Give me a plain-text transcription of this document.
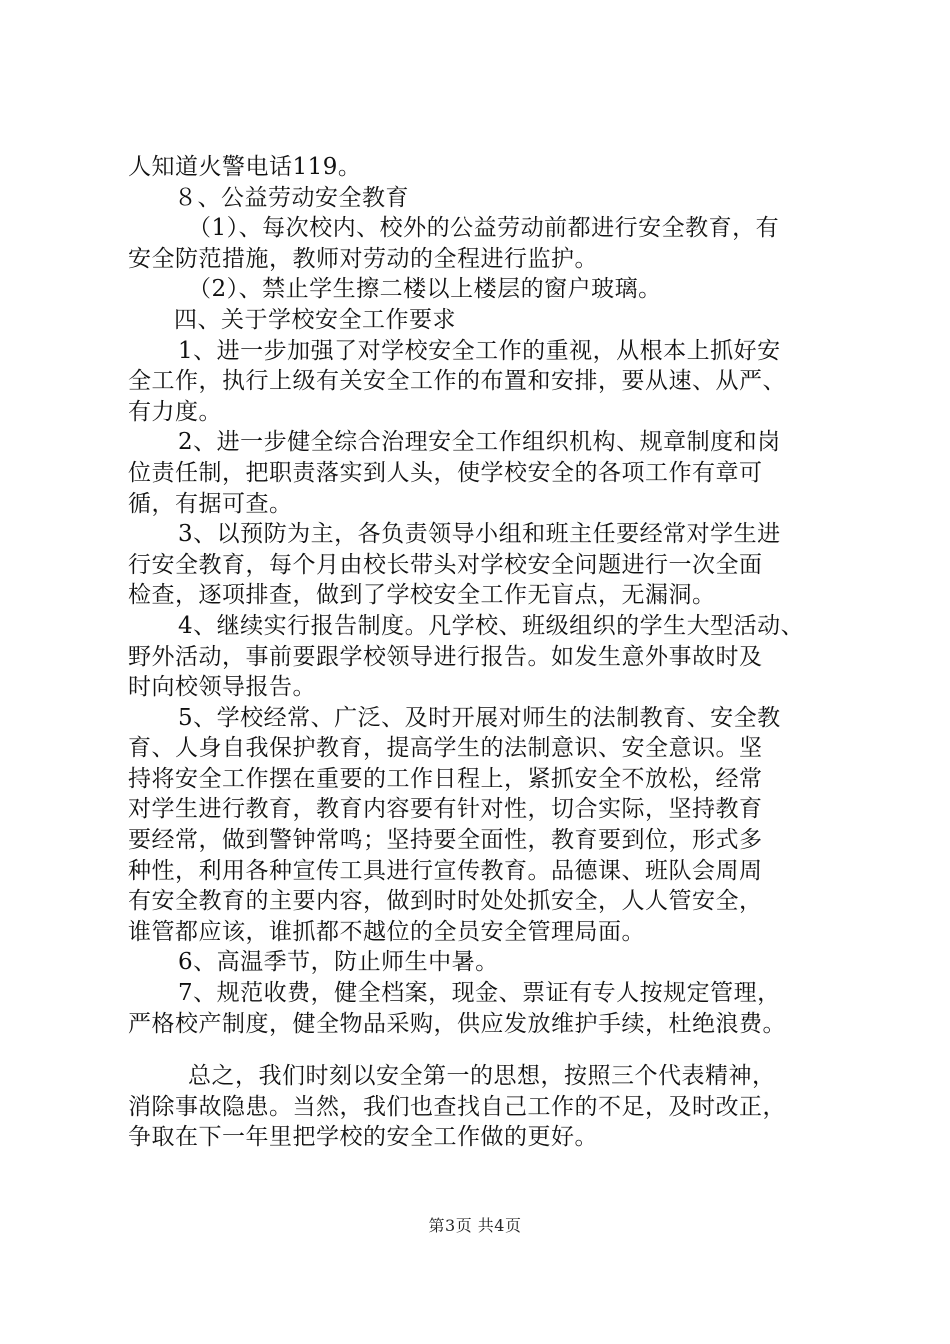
人知道火警电话119。
８、公益劳动安全教育
（1）、每次校内、校外的公益劳动前都进行安全教育，有
安全防范措施，教师对劳动的全程进行监护。
（2）、禁止学生擦二楼以上楼层的窗户玻璃。
四、关于学校安全工作要求
1、进一步加强了对学校安全工作的重视，从根本上抓好安
全工作，执行上级有关安全工作的布置和安排，要从速、从严、
有力度。
2、进一步健全综合治理安全工作组织机构、规章制度和岗
位责任制，把职责落实到人头，使学校安全的各项工作有章可
循，有据可查。
3、以预防为主，各负责领导小组和班主任要经常对学生进
行安全教育，每个月由校长带头对学校安全问题进行一次全面
检查，逐项排查，做到了学校安全工作无盲点，无漏洞。
4、继续实行报告制度。凡学校、班级组织的学生大型活动、
野外活动，事前要跟学校领导进行报告。如发生意外事故时及
时向校领导报告。
5、学校经常、广泛、及时开展对师生的法制教育、安全教
育、人身自我保护教育，提高学生的法制意识、安全意识。坚
持将安全工作摆在重要的工作日程上，紧抓安全不放松，经常
对学生进行教育，教育内容要有针对性，切合实际，坚持教育
要经常，做到警钟常鸣；坚持要全面性，教育要到位，形式多
种性，利用各种宣传工具进行宣传教育。品德课、班队会周周
有安全教育的主要内容，做到时时处处抓安全，人人管安全，
谁管都应该，谁抓都不越位的全员安全管理局面。
6、高温季节，防止师生中暑。
7、规范收费，健全档案，现金、票证有专人按规定管理，
严格校产制度，健全物品采购，供应发放维护手续，杜绝浪费。
总之，我们时刻以安全第一的思想，按照三个代表精神，
消除事故隐患。当然，我们也查找自己工作的不足，及时改正，
争取在下一年里把学校的安全工作做的更好。
第3页 共4页
